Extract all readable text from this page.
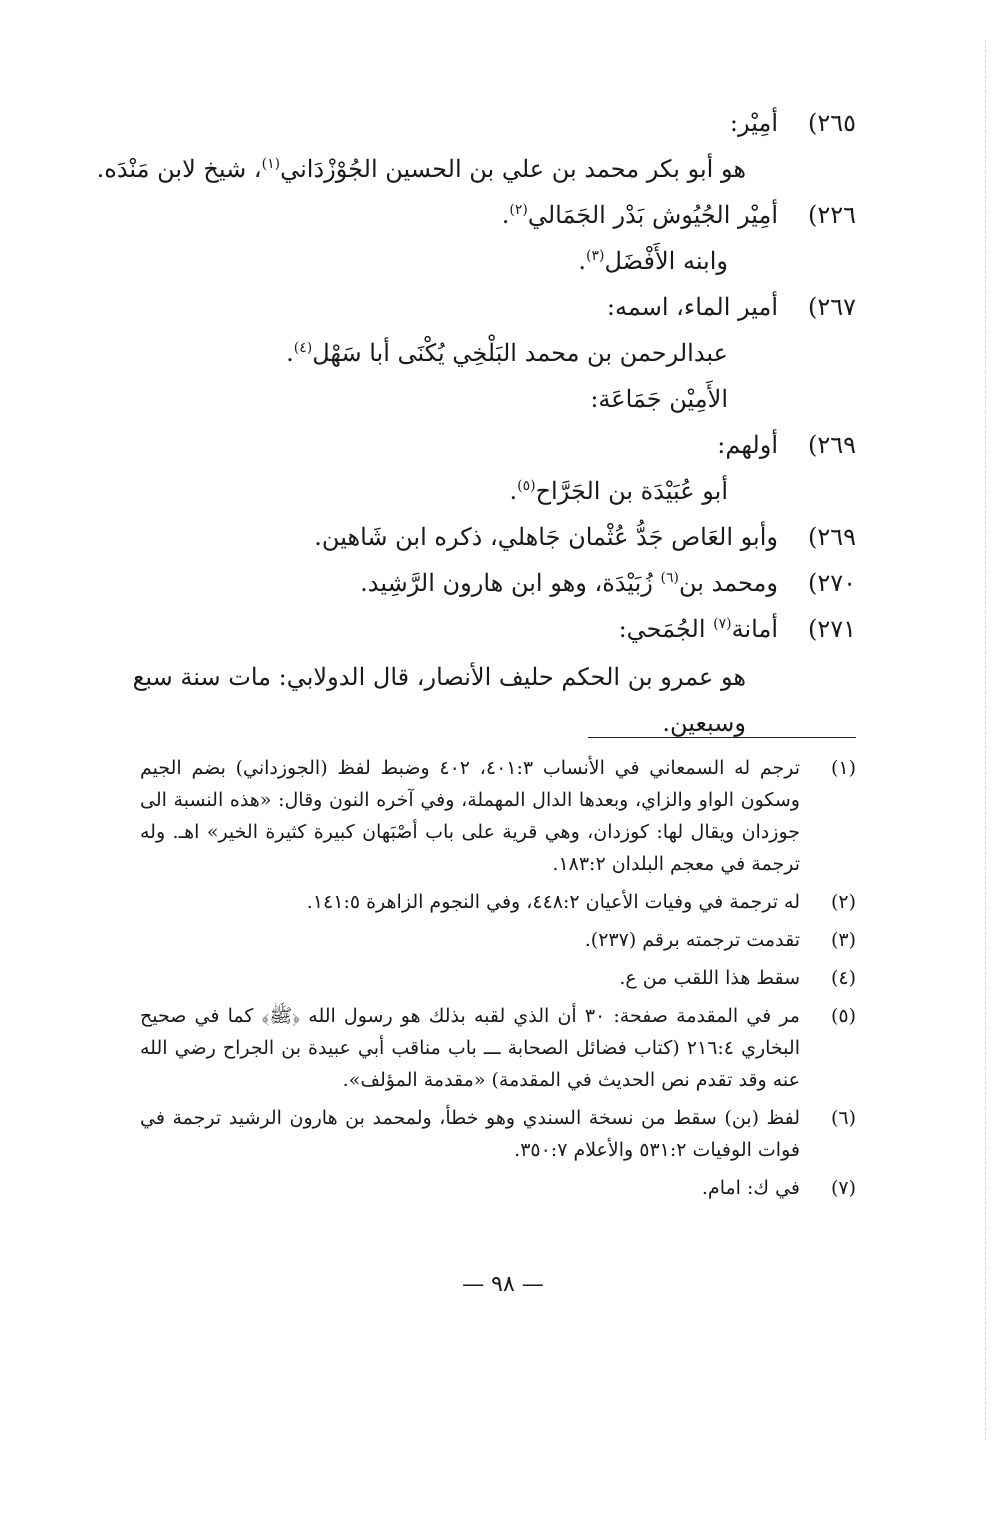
٢٦٥)
أمِيْر:
هو أبو بكر محمد بن علي بن الحسين الجُوْزْدَاني$^{(١)}$، شيخ لابن مَنْدَه.
٢٢٦)
أمِيْر الجُيُوش بَدْر الجَمَالي$^{(٢)}$.
وابنه الأَفْضَل$^{(٣)}$.
٢٦٧)
أمير الماء، اسمه:
عبدالرحمن بن محمد البَلْخِي يُكْنَى أبا سَهْل$^{(٤)}$.
الأَمِيْن جَمَاعَة:
٢٦٩)
أولهم:
أبو عُبَيْدَة بن الجَرَّاح$^{(٥)}$.
٢٦٩)
وأبو العَاص جَدُّ عُثْمان جَاهلي، ذكره ابن شَاهين.
٢٧٠)
ومحمد بن$^{(٦)}$ زُبَيْدَة، وهو ابن هارون الرَّشِيد.
٢٧١)
أمانة$^{(٧)}$ الجُمَحي:
هو عمرو بن الحكم حليف الأنصار، قال الدولابي: مات سنة سبع
وسبعين.
(١)
ترجم له السمعاني في الأنساب ٤٠١:٣، ٤٠٢ وضبط لفظ (الجوزداني) بضم الجيم وسكون الواو والزاي، وبعدها الدال المهملة، وفي آخره النون وقال: «هذه النسبة الى جوزدان ويقال لها: كوزدان، وهي قرية على باب أصْبَهان كبيرة كثيرة الخير» اهـ. وله ترجمة في معجم البلدان ١٨٣:٢.
(٢)
له ترجمة في وفيات الأعيان ٤٤٨:٢، وفي النجوم الزاهرة ١٤١:٥.
(٣)
تقدمت ترجمته برقم (٢٣٧).
(٤)
سقط هذا اللقب من ع.
(٥)
مر في المقدمة صفحة: ٣٠ أن الذي لقبه بذلك هو رسول الله ﴿ﷺ﴾ كما في صحيح البخاري ٢١٦:٤ (كتاب فضائل الصحابة ـــ باب مناقب أبي عبيدة بن الجراح رضي الله عنه وقد تقدم نص الحديث في المقدمة) «مقدمة المؤلف».
(٦)
لفظ (بن) سقط من نسخة السندي وهو خطأ، ولمحمد بن هارون الرشيد ترجمة في فوات الوفيات ٥٣١:٢ والأعلام ٣٥٠:٧.
(٧)
في ك: امام.
— ٩٨ —
